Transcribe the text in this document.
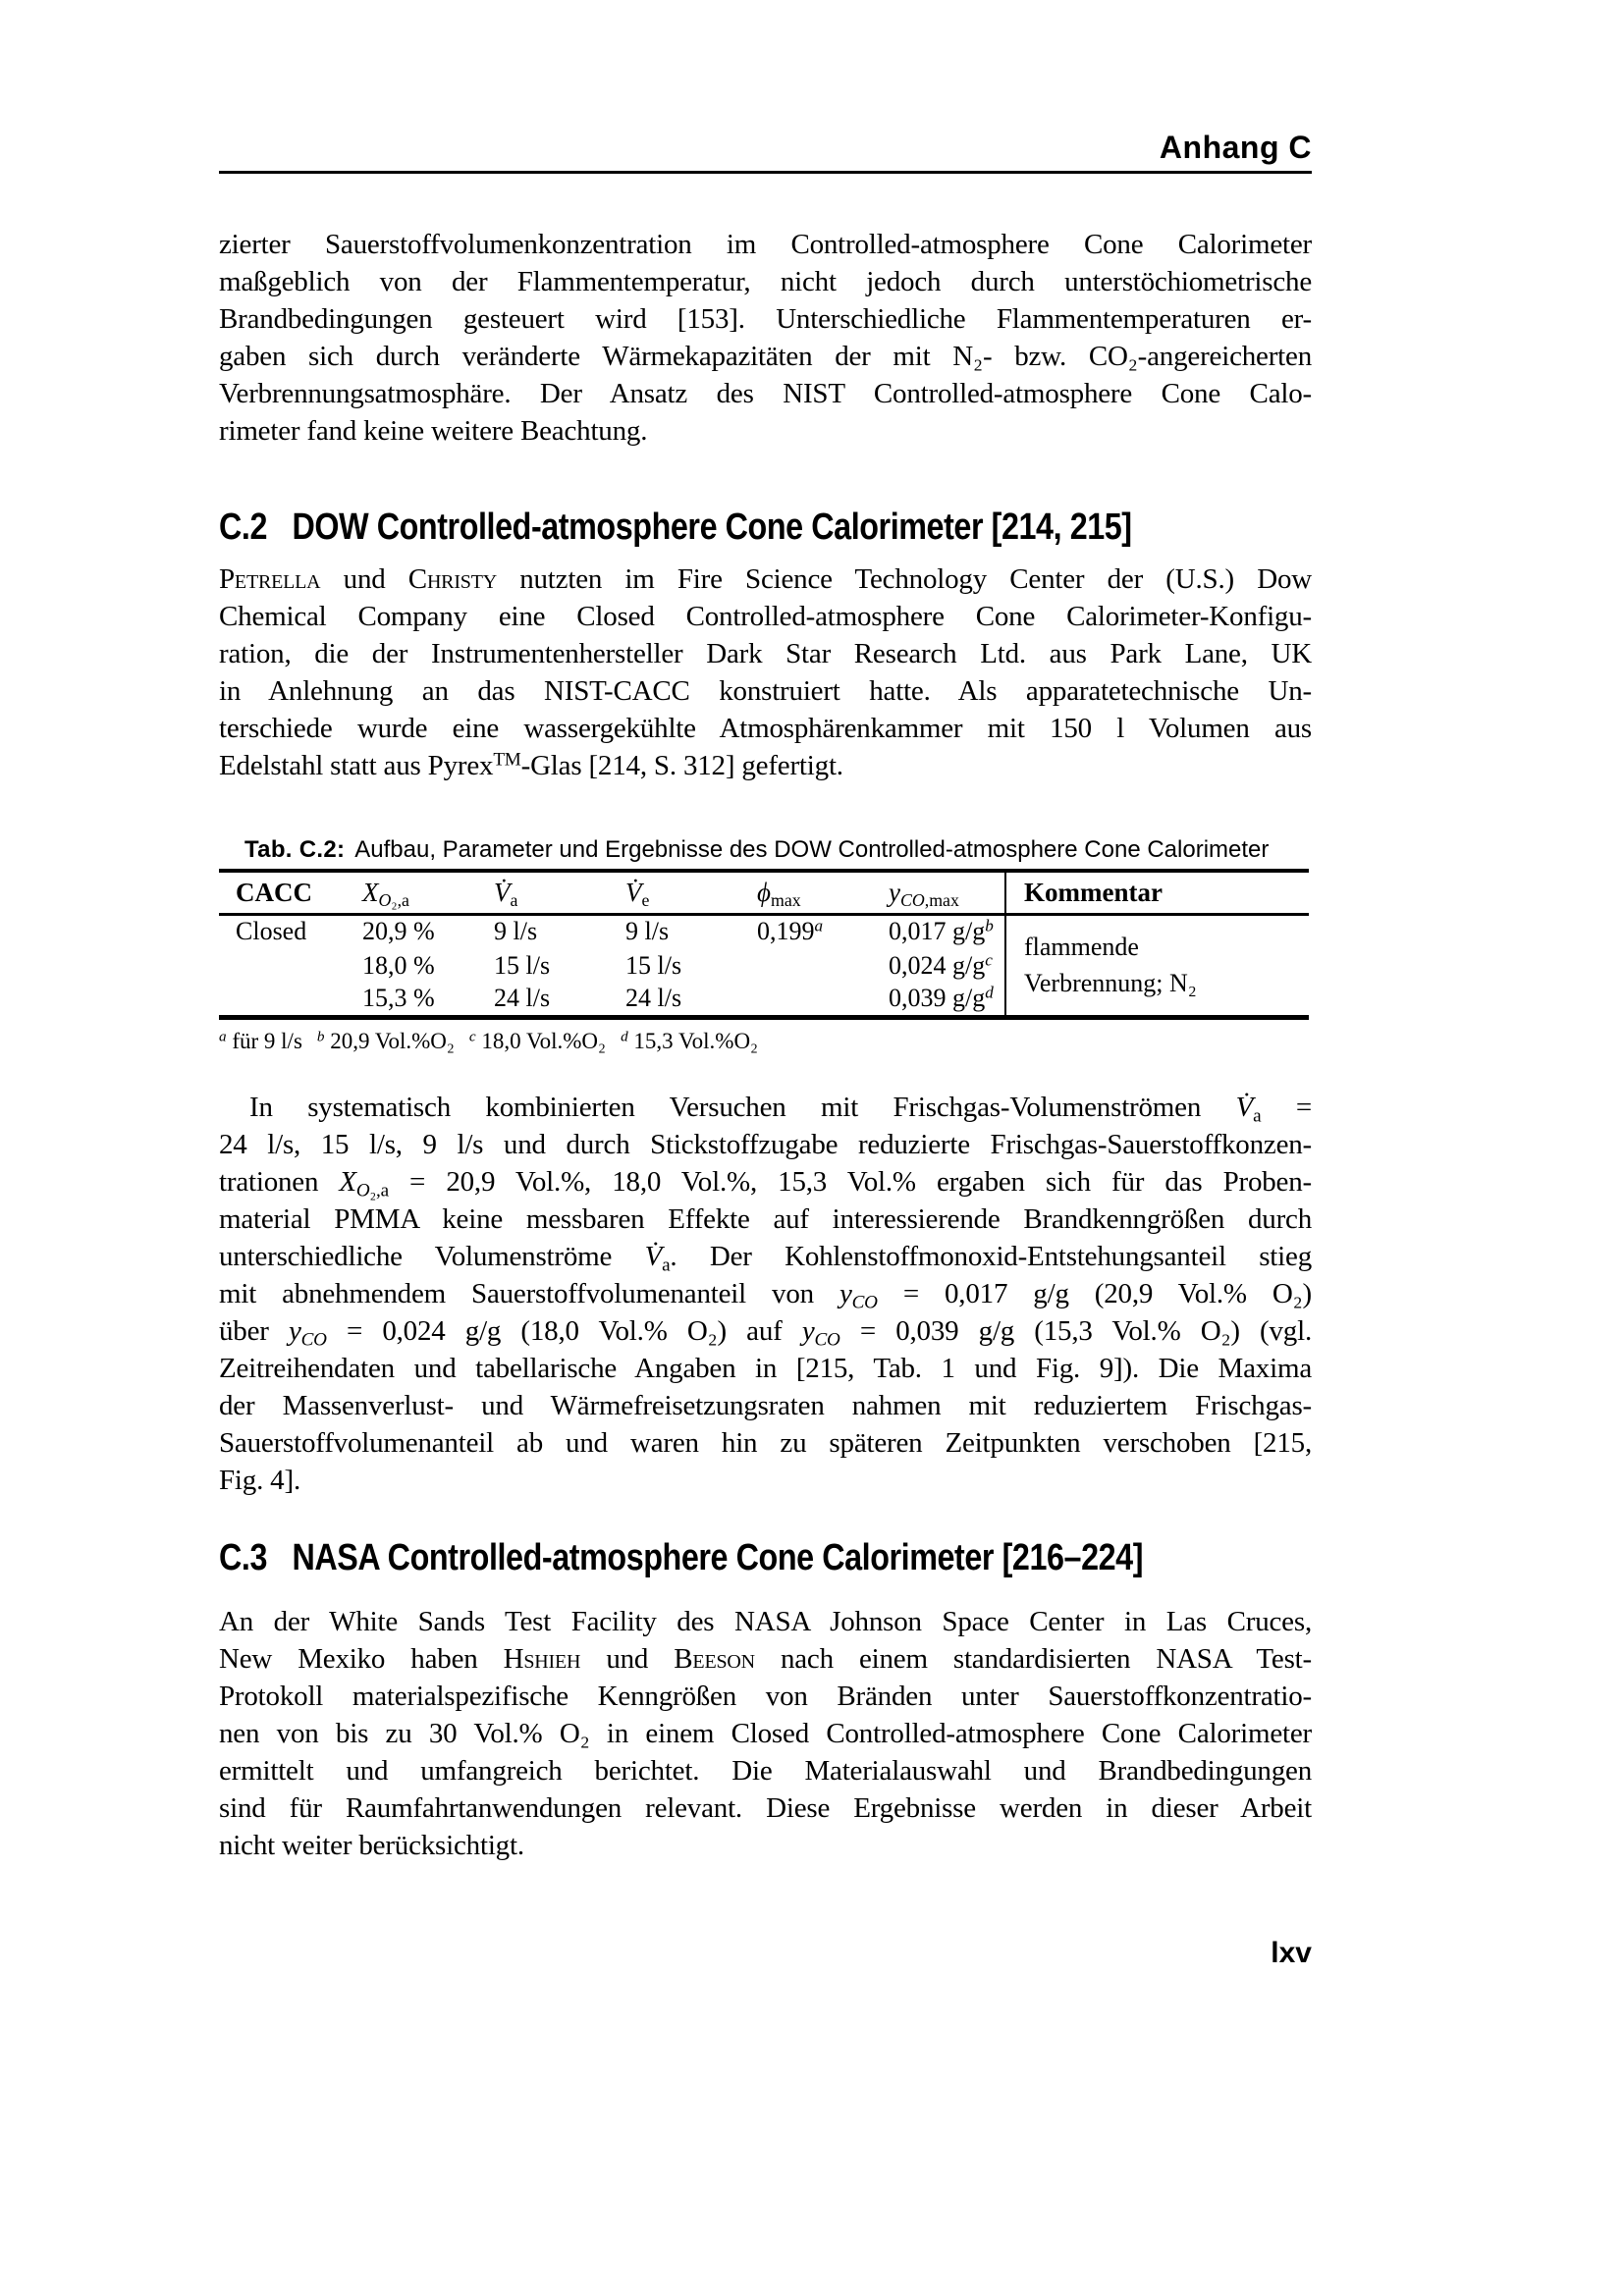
Anhang C
zierter Sauerstoffvolumenkonzentration im Controlled-atmosphere Cone Calorimeter
maßgeblich von der Flammentemperatur, nicht jedoch durch unterstöchiometrische
Brandbedingungen gesteuert wird [153]. Unterschiedliche Flammentemperaturen er-
gaben sich durch veränderte Wärmekapazitäten der mit N₂- bzw. CO₂-angereicherten
Verbrennungsatmosphäre. Der Ansatz des NIST Controlled-atmosphere Cone Calo-
rimeter fand keine weitere Beachtung.
C.2 DOW Controlled-atmosphere Cone Calorimeter [214, 215]
Petrella und Christy nutzten im Fire Science Technology Center der (U.S.) Dow
Chemical Company eine Closed Controlled-atmosphere Cone Calorimeter-Konfigu-
ration, die der Instrumentenhersteller Dark Star Research Ltd. aus Park Lane, UK
in Anlehnung an das NIST-CACC konstruiert hatte. Als apparatetechnische Un-
terschiede wurde eine wassergekühlte Atmosphärenkammer mit 150 l Volumen aus
Edelstahl statt aus Pyrex™-Glas [214, S. 312] gefertigt.
Tab. C.2: Aufbau, Parameter und Ergebnisse des DOW Controlled-atmosphere Cone Calorimeter
CACC	$X_{O_2,a}$	$V̇_a$	$V̇_e$	$\phi_{max}$	$y_{CO,max}$	Kommentar
Closed	20,9 %	9 l/s	9 l/s	0,199$^a$	0,017 $g/g^b$	flammende
Verbrennung; N₂

	18,0 %	15 l/s	15 l/s		0,024 $g/g^c$
	15,3 %	24 l/s	24 l/s		0,039 $g/g^d$
$^a$ für 9 l/s $^b$ 20,9 Vol.%O₂ $^c$ 18,0 Vol.%O₂ $^d$ 15,3 Vol.%O₂
In systematisch kombinierten Versuchen mit Frischgas-Volumenströmen $V̇_a$ =
24 l/s, 15 l/s, 9 l/s und durch Stickstoffzugabe reduzierte Frischgas-Sauerstoffkonzen-
trationen $X_{O_2,a} = 20,9$ Vol.%, 18,0 Vol.%, 15,3 Vol.% ergaben sich für das Proben-
material PMMA keine messbaren Effekte auf interessierende Brandkenngrößen durch
unterschiedliche Volumenströme $V̇_a$. Der Kohlenstoffmonoxid-Entstehungsanteil stieg
mit abnehmendem Sauerstoffvolumenanteil von $y_{CO} = 0,017$ g/g (20,9 Vol.% O₂)
über $y_{CO} = 0,024$ g/g (18,0 Vol.% O₂) auf $y_{CO} = 0,039$ g/g (15,3 Vol.% O₂) (vgl.
Zeitreihendaten und tabellarische Angaben in [215, Tab. 1 und Fig. 9]). Die Maxima
der Massenverlust- und Wärmefreisetzungsraten nahmen mit reduziertem Frischgas-
Sauerstoffvolumenanteil ab und waren hin zu späteren Zeitpunkten verschoben [215,
Fig. 4].
C.3 NASA Controlled-atmosphere Cone Calorimeter [216–224]
An der White Sands Test Facility des NASA Johnson Space Center in Las Cruces,
New Mexiko haben Hshieh und Beeson nach einem standardisierten NASA Test-
Protokoll materialspezifische Kenngrößen von Bränden unter Sauerstoffkonzentratio-
nen von bis zu 30 Vol.% O₂ in einem Closed Controlled-atmosphere Cone Calorimeter
ermittelt und umfangreich berichtet. Die Materialauswahl und Brandbedingungen
sind für Raumfahrtanwendungen relevant. Diese Ergebnisse werden in dieser Arbeit
nicht weiter berücksichtigt.
lxv
